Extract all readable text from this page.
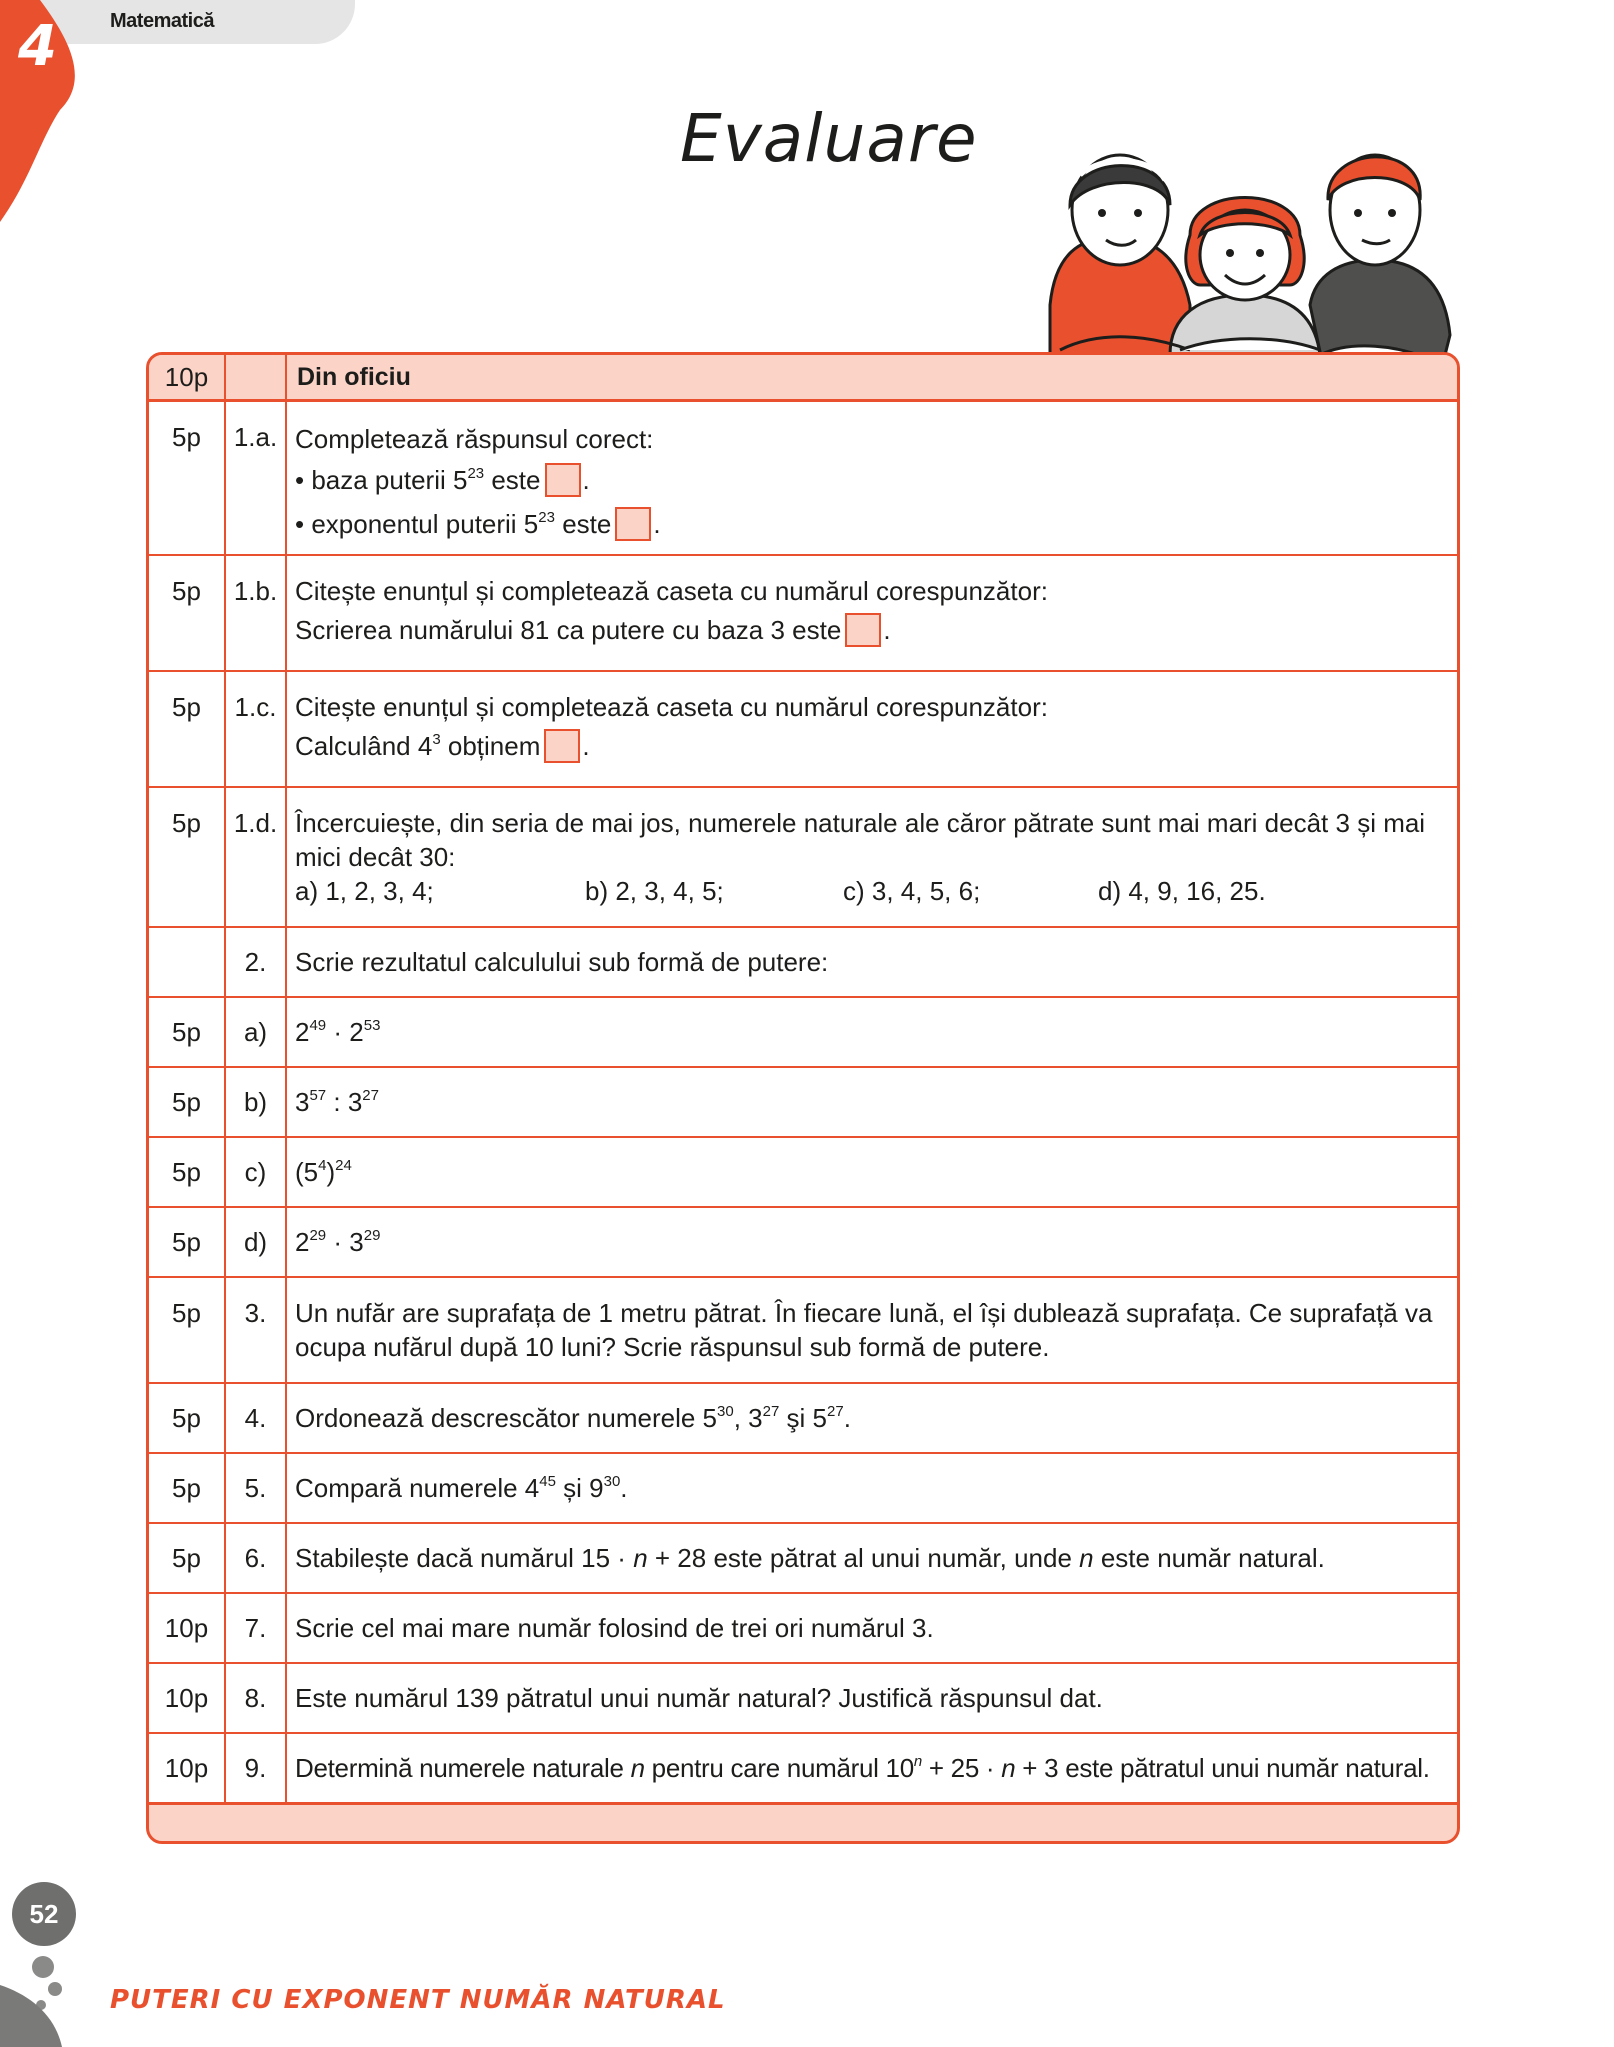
4	Matematică
Evaluare
10p		Din oficiu
5p	1.a.	Completează răspunsul corect:
• baza puterii $5^{23}$ este .
• exponentul puterii $5^{23}$ este .

5p	1.b.	Citește enunțul și completează caseta cu numărul corespunzător:
Scrierea numărului 81 ca putere cu baza 3 este .

5p	1.c.	Citește enunțul și completează caseta cu numărul corespunzător:
Calculând $4^3$ obținem .

5p	1.d.	Încercuiește, din seria de mai jos, numerele naturale ale căror pătrate sunt mai mari decât 3 și mai mici decât 30:
a) 1, 2, 3, 4; b) 2, 3, 4, 5; c) 3, 4, 5, 6; d) 4, 9, 16, 25.

	2.	Scrie rezultatul calculului sub formă de putere:
5p	a)	$2^{49} \cdot 2^{53}$
5p	b)	$3^{57}$ : $3^{27}$
5p	c)	$(5^4)^{24}$
5p	d)	$2^{29} \cdot 3^{29}$
5p	3.	Un nufăr are suprafața de 1 metru pătrat. În fiecare lună, el își dublează suprafața. Ce suprafață va ocupa nufărul după 10 luni? Scrie răspunsul sub formă de putere.
5p	4.	Ordonează descrescător numerele $5^{30}$, $3^{27}$ şi $5^{27}$.
5p	5.	Compară numerele $4^{45}$ și $9^{30}$.
5p	6.	Stabilește dacă numărul 15 · n + 28 este pătrat al unui număr, unde n este număr natural.
10p	7.	Scrie cel mai mare număr folosind de trei ori numărul 3.
10p	8.	Este numărul 139 pătratul unui număr natural? Justifică răspunsul dat.
10p	9.	Determină numerele naturale n pentru care numărul $10^n + 25 \cdot n + 3$ este pătratul unui număr natural.
52
PUTERI CU EXPONENT NUMĂR NATURAL
